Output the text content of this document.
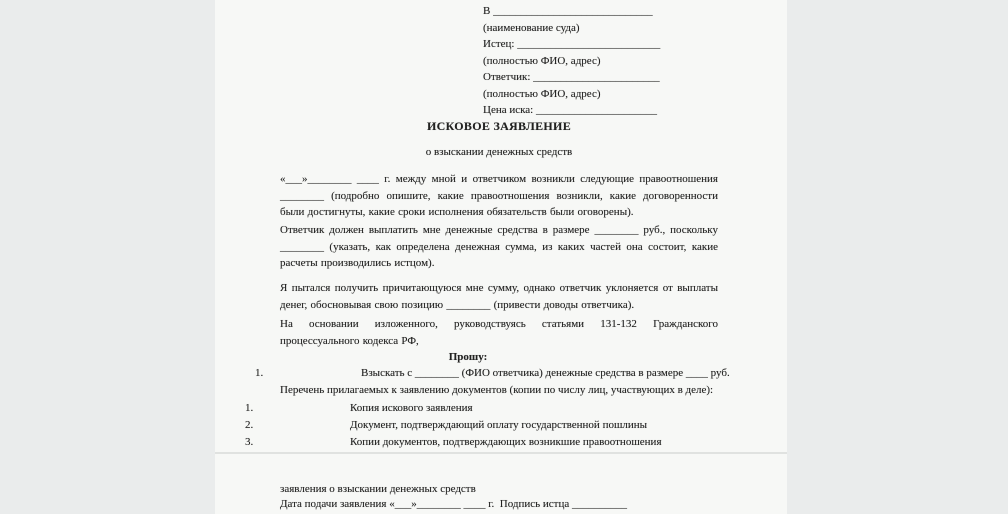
В _____________________________
(наименование суда)
Истец: __________________________
(полностью ФИО, адрес)
Ответчик: _______________________
(полностью ФИО, адрес)
Цена иска: ______________________
ИСКОВОЕ ЗАЯВЛЕНИЕ
о взыскании денежных средств
«___»________ ____ г. между мной и ответчиком возникли следующие правоотношения ________ (подробно опишите, какие правоотношения возникли, какие договоренности были достигнуты, какие сроки исполнения обязательств были оговорены).
Ответчик должен выплатить мне денежные средства в размере ________ руб., поскольку ________ (указать, как определена денежная сумма, из каких частей она состоит, какие расчеты производились истцом).
Я пытался получить причитающуюся мне сумму, однако ответчик уклоняется от выплаты денег, обосновывая свою позицию ________ (привести доводы ответчика).
На основании изложенного, руководствуясь статьями 131-132 Гражданского процессуального кодекса РФ,
Прошу:
1.	Взыскать с ________ (ФИО ответчика) денежные средства в размере ____ руб.
Перечень прилагаемых к заявлению документов (копии по числу лиц, участвующих в деле):
1.	Копия искового заявления
2.	Документ, подтверждающий оплату государственной пошлины
3.	Копии документов, подтверждающих возникшие правоотношения
заявления о взыскании денежных средств
Дата подачи заявления «___»________ ____ г.  Подпись истца __________
